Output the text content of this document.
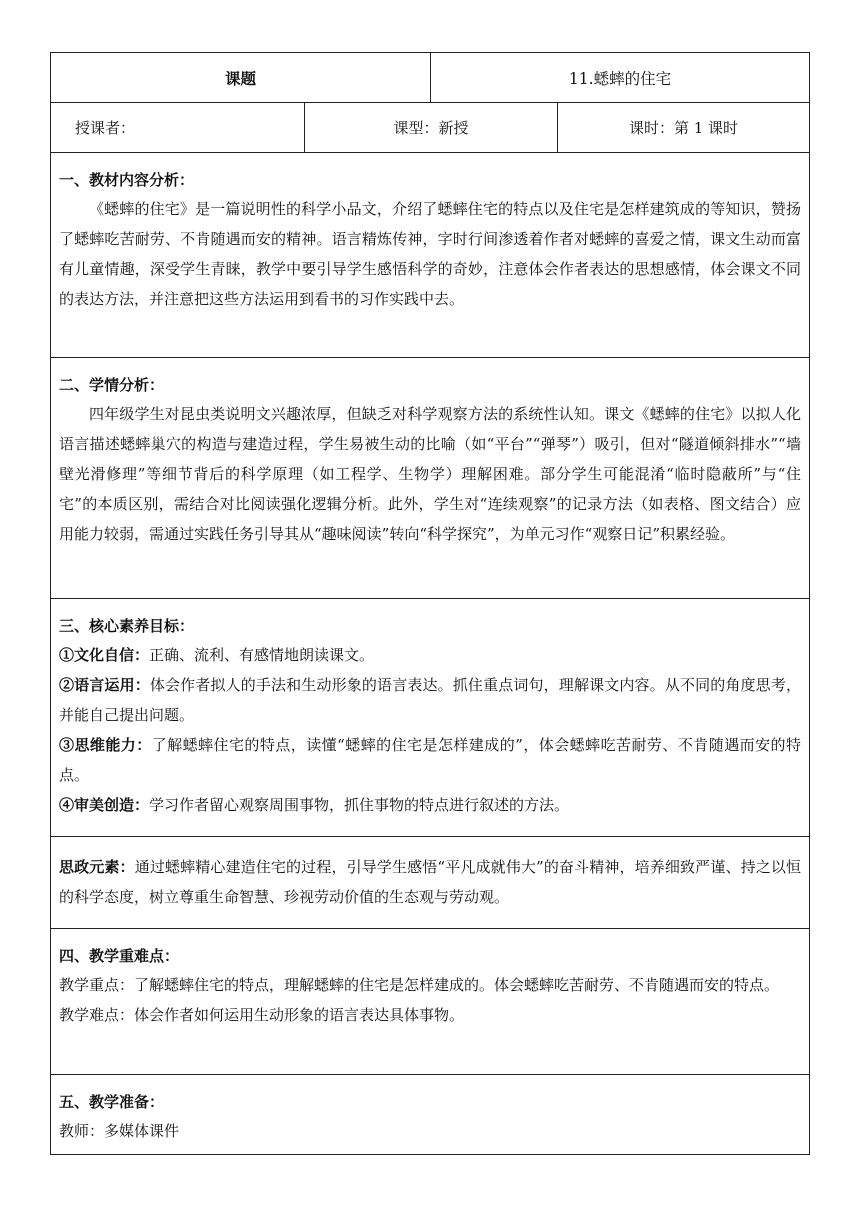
课题	11.蟋蟀的住宅
授课者：	课型：新授	课时：第 1 课时
一、教材内容分析：

《蟋蟀的住宅》是一篇说明性的科学小品文，介绍了蟋蟀住宅的特点以及住宅是怎样建筑成的等知识，赞扬了蟋蟀吃苦耐劳、不肯随遇而安的精神。语言精炼传神，字时行间渗透着作者对蟋蟀的喜爱之情，课文生动而富有儿童情趣，深受学生青睐，教学中要引导学生感悟科学的奇妙，注意体会作者表达的思想感情，体会课文不同的表达方法，并注意把这些方法运用到看书的习作实践中去。

二、学情分析：

四年级学生对昆虫类说明文兴趣浓厚，但缺乏对科学观察方法的系统性认知。课文《蟋蟀的住宅》以拟人化语言描述蟋蟀巢穴的构造与建造过程，学生易被生动的比喻（如“平台”“弹琴”）吸引，但对“隧道倾斜排水”“墙壁光滑修理”等细节背后的科学原理（如工程学、生物学）理解困难。部分学生可能混淆“临时隐蔽所”与“住宅”的本质区别，需结合对比阅读强化逻辑分析。此外，学生对“连续观察”的记录方法（如表格、图文结合）应用能力较弱，需通过实践任务引导其从“趣味阅读”转向“科学探究”，为单元习作“观察日记”积累经验。

三、核心素养目标：

①文化自信：正确、流利、有感情地朗读课文。

②语言运用：体会作者拟人的手法和生动形象的语言表达。抓住重点词句，理解课文内容。从不同的角度思考，并能自己提出问题。

③思维能力：了解蟋蟀住宅的特点，读懂“蟋蟀的住宅是怎样建成的”，体会蟋蟀吃苦耐劳、不肯随遇而安的特点。

④审美创造：学习作者留心观察周围事物，抓住事物的特点进行叙述的方法。

思政元素：通过蟋蟀精心建造住宅的过程，引导学生感悟“平凡成就伟大”的奋斗精神，培养细致严谨、持之以恒的科学态度，树立尊重生命智慧、珍视劳动价值的生态观与劳动观。

四、教学重难点：

教学重点：了解蟋蟀住宅的特点，理解蟋蟀的住宅是怎样建成的。体会蟋蟀吃苦耐劳、不肯随遇而安的特点。

教学难点：体会作者如何运用生动形象的语言表达具体事物。

五、教学准备：

教师：多媒体课件
